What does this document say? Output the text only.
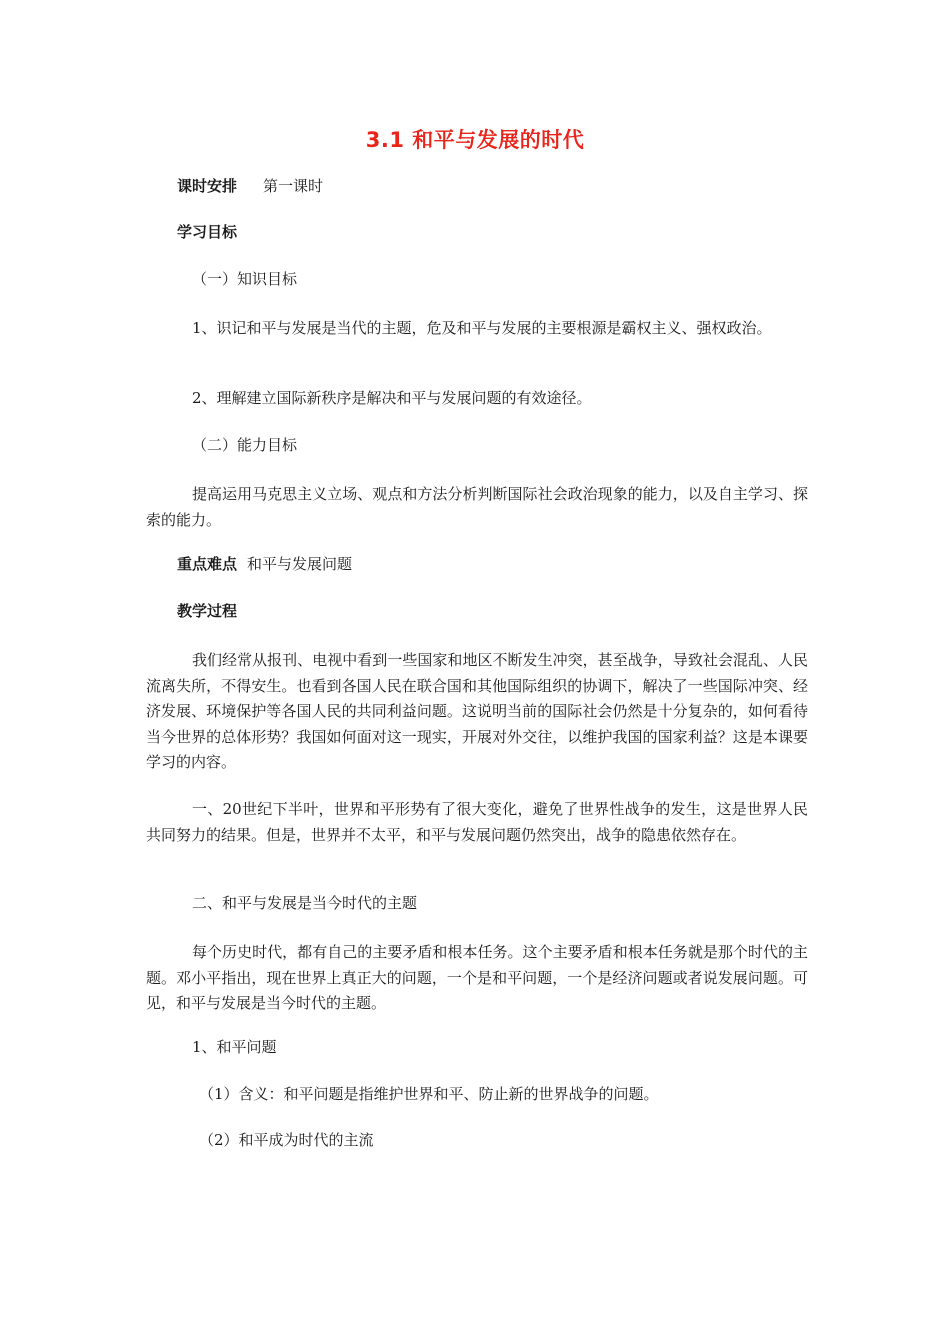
3.1 和平与发展的时代
课时安排 第一课时
学习目标
（一）知识目标
1、识记和平与发展是当代的主题，危及和平与发展的主要根源是霸权主义、强权政治。
2、理解建立国际新秩序是解决和平与发展问题的有效途径。
（二）能力目标
提高运用马克思主义立场、观点和方法分析判断国际社会政治现象的能力，以及自主学习、探索的能力。
重点难点 和平与发展问题
教学过程
我们经常从报刊、电视中看到一些国家和地区不断发生冲突，甚至战争，导致社会混乱、人民流离失所，不得安生。也看到各国人民在联合国和其他国际组织的协调下，解决了一些国际冲突、经济发展、环境保护等各国人民的共同利益问题。这说明当前的国际社会仍然是十分复杂的，如何看待当今世界的总体形势？我国如何面对这一现实，开展对外交往，以维护我国的国家利益？这是本课要学习的内容。
一、20世纪下半叶，世界和平形势有了很大变化，避免了世界性战争的发生，这是世界人民共同努力的结果。但是，世界并不太平，和平与发展问题仍然突出，战争的隐患依然存在。
二、和平与发展是当今时代的主题
每个历史时代，都有自己的主要矛盾和根本任务。这个主要矛盾和根本任务就是那个时代的主题。邓小平指出，现在世界上真正大的问题，一个是和平问题，一个是经济问题或者说发展问题。可见，和平与发展是当今时代的主题。
1、和平问题
（1）含义：和平问题是指维护世界和平、防止新的世界战争的问题。
（2）和平成为时代的主流
